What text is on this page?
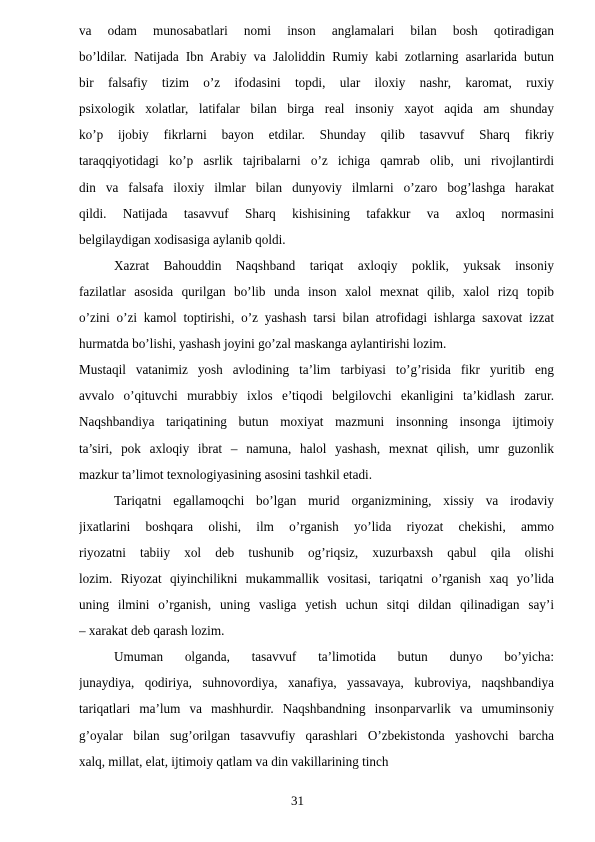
va odam munosabatlari nomi inson anglamalari bilan bosh qotiradigan
bo’ldilar. Natijada Ibn Arabiy va Jaloliddin Rumiy kabi zotlarning asarlarida butun
bir falsafiy tizim o’z ifodasini topdi, ular iloxiy nashr, karomat, ruxiy
psixologik xolatlar, latifalar bilan birga real insoniy xayot aqida am shunday
ko’p ijobiy fikrlarni bayon etdilar. Shunday qilib tasavvuf Sharq fikriy
taraqqiyotidagi ko’p asrlik tajribalarni o’z ichiga qamrab olib, uni rivojlantirdi
din va falsafa iloxiy ilmlar bilan dunyoviy ilmlarni o’zaro bog’lashga harakat
qildi. Natijada tasavvuf Sharq kishisining tafakkur va axloq normasini
belgilaydigan xodisasiga aylanib qoldi.
Xazrat Bahouddin Naqshband tariqat axloqiy poklik, yuksak insoniy
fazilatlar asosida qurilgan bo’lib unda inson xalol mexnat qilib, xalol rizq topib
o’zini o’zi kamol toptirishi, o’z yashash tarsi bilan atrofidagi ishlarga saxovat izzat
hurmatda bo’lishi, yashash joyini go’zal maskanga aylantirishi lozim.
Mustaqil vatanimiz yosh avlodining ta’lim tarbiyasi to’g’risida fikr yuritib eng
avvalo o’qituvchi murabbiy ixlos e’tiqodi belgilovchi ekanligini ta’kidlash zarur.
Naqshbandiya tariqatining butun moxiyat mazmuni insonning insonga ijtimoiy
ta’siri, pok axloqiy ibrat – namuna, halol yashash, mexnat qilish, umr guzonlik
mazkur ta’limot texnologiyasining asosini tashkil etadi.
Tariqatni egallamoqchi bo’lgan murid organizmining, xissiy va irodaviy
jixatlarini boshqara olishi, ilm o’rganish yo’lida riyozat chekishi, ammo
riyozatni tabiiy xol deb tushunib og’riqsiz, xuzurbaxsh qabul qila olishi
lozim. Riyozat qiyinchilikni mukammallik vositasi, tariqatni o’rganish xaq yo’lida
uning ilmini o’rganish, uning vasliga yetish uchun sitqi dildan qilinadigan say’i
– xarakat deb qarash lozim.
Umuman olganda, tasavvuf ta’limotida butun dunyo bo’yicha:
junaydiya, qodiriya, suhnovordiya, xanafiya, yassavaya, kubroviya, naqshbandiya
tariqatlari ma’lum va mashhurdir. Naqshbandning insonparvarlik va umuminsoniy
g’oyalar bilan sug’orilgan tasavvufiy qarashlari O’zbekistonda yashovchi barcha
xalq, millat, elat, ijtimoiy qatlam va din vakillarining tinch
31
